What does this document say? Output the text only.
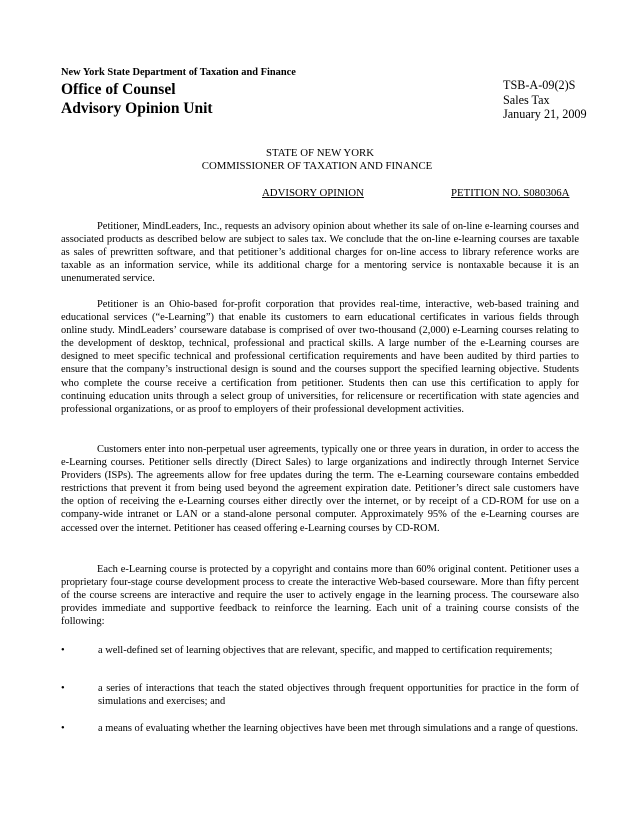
New York State Department of Taxation and Finance
Office of Counsel
Advisory Opinion Unit
TSB-A-09(2)S
Sales Tax
January 21, 2009
STATE OF NEW YORK
COMMISSIONER OF TAXATION AND FINANCE
ADVISORY OPINION	PETITION NO. S080306A

Petitioner, MindLeaders, Inc., requests an advisory opinion about whether its sale of on-line e-learning courses and associated products as described below are subject to sales tax. We conclude that the on-line e-learning courses are taxable as sales of prewritten software, and that petitioner’s additional charges for on-line access to library reference works are taxable as an information service, while its additional charge for a mentoring service is nontaxable because it is an unenumerated service.

Petitioner is an Ohio-based for-profit corporation that provides real-time, interactive, web-based training and educational services (“e-Learning”) that enable its customers to earn educational certificates in various fields through online study. MindLeaders’ courseware database is comprised of over two-thousand (2,000) e-Learning courses relating to the development of desktop, technical, professional and practical skills. A large number of the e-Learning courses are designed to meet specific technical and professional certification requirements and have been audited by third parties to ensure that the company’s instructional design is sound and the courses support the specified learning objective. Students who complete the course receive a certification from petitioner. Students then can use this certification to apply for continuing education units through a select group of universities, for relicensure or recertification with state agencies and professional organizations, or as proof to employers of their professional development activities.

Customers enter into non-perpetual user agreements, typically one or three years in duration, in order to access the e-Learning courses. Petitioner sells directly (Direct Sales) to large organizations and indirectly through Internet Service Providers (ISPs). The agreements allow for free updates during the term. The e-Learning courseware contains embedded restrictions that prevent it from being used beyond the agreement expiration date. Petitioner’s direct sale customers have the option of receiving the e-Learning courses either directly over the internet, or by receipt of a CD-ROM for use on a company-wide intranet or LAN or a stand-alone personal computer. Approximately 95% of the e-Learning courses are accessed over the internet. Petitioner has ceased offering e-Learning courses by CD-ROM.

Each e-Learning course is protected by a copyright and contains more than 60% original content. Petitioner uses a proprietary four-stage course development process to create the interactive Web-based courseware. More than fifty percent of the course screens are interactive and require the user to actively engage in the learning process. The courseware also provides immediate and supportive feedback to reinforce the learning. Each unit of a training course consists of the following:

•	a well-defined set of learning objectives that are relevant, specific, and mapped to certification requirements;
•	a series of interactions that teach the stated objectives through frequent opportunities for practice in the form of simulations and exercises; and
•	a means of evaluating whether the learning objectives have been met through simulations and a range of questions.
